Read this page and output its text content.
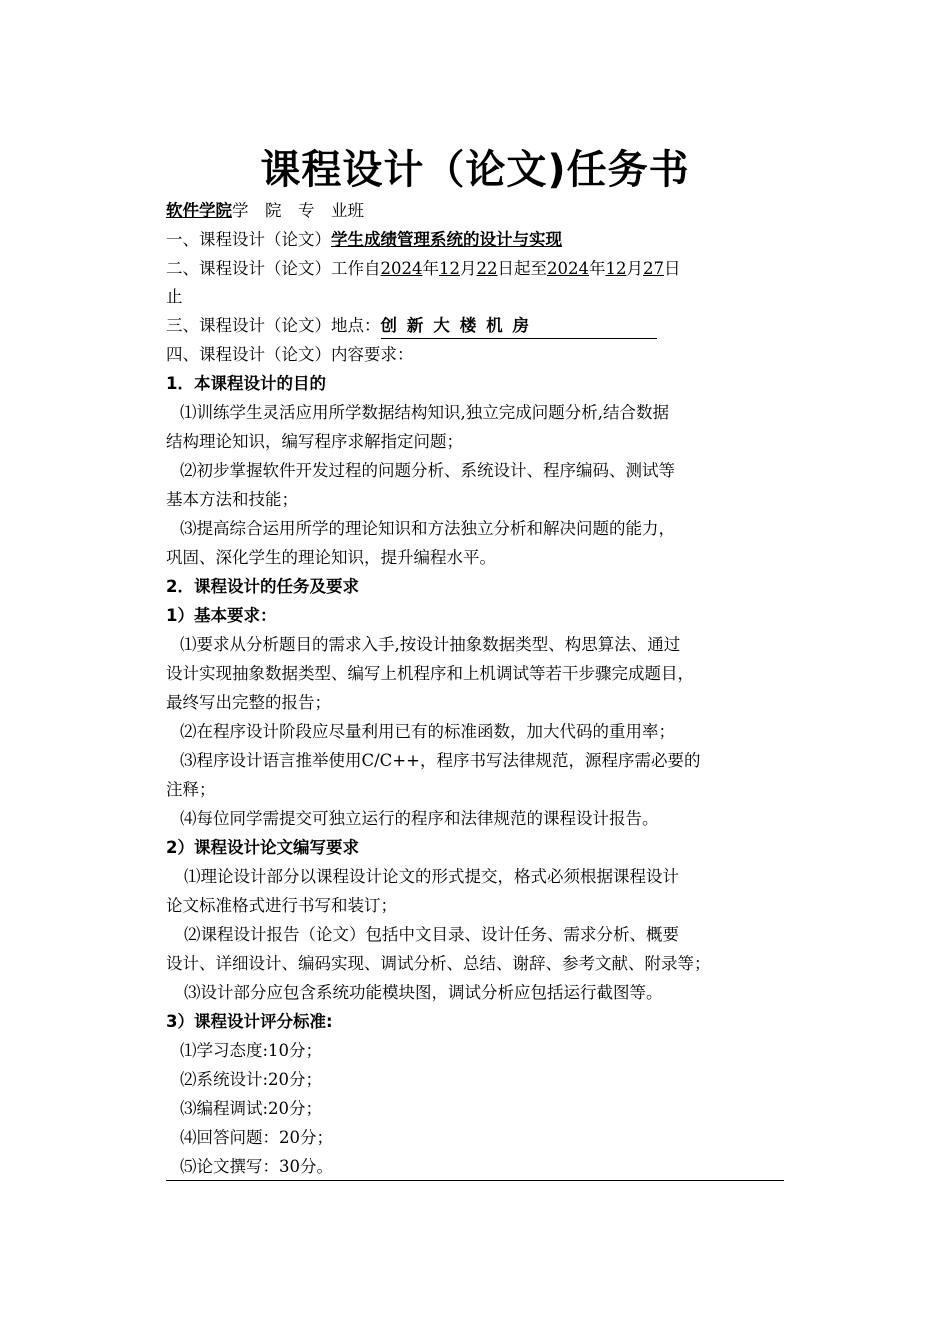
课程设计（论文)任务书
软件学院学　院　 专　业班
一、课程设计（论文）学生成绩管理系统的设计与实现
二、课程设计（论文）工作自2024年12月22日起至2024年12月27日
止
三、课程设计（论文）地点：创新大楼机房
四、课程设计（论文）内容要求：
1．本课程设计的目的
⑴训练学生灵活应用所学数据结构知识,独立完成问题分析,结合数据
结构理论知识，编写程序求解指定问题；
⑵初步掌握软件开发过程的问题分析、系统设计、程序编码、测试等
基本方法和技能；
⑶提高综合运用所学的理论知识和方法独立分析和解决问题的能力，
巩固、深化学生的理论知识，提升编程水平。
2．课程设计的任务及要求
1）基本要求：
⑴要求从分析题目的需求入手,按设计抽象数据类型、构思算法、通过
设计实现抽象数据类型、编写上机程序和上机调试等若干步骤完成题目，
最终写出完整的报告；
⑵在程序设计阶段应尽量利用已有的标准函数，加大代码的重用率；
⑶程序设计语言推举使用C/C++，程序书写法律规范，源程序需必要的
注释；
⑷每位同学需提交可独立运行的程序和法律规范的课程设计报告。
2）课程设计论文编写要求
⑴理论设计部分以课程设计论文的形式提交，格式必须根据课程设计
论文标准格式进行书写和装订；
⑵课程设计报告（论文）包括中文目录、设计任务、需求分析、概要
设计、详细设计、编码实现、调试分析、总结、谢辞、参考文献、附录等；
⑶设计部分应包含系统功能模块图，调试分析应包括运行截图等。
3）课程设计评分标准:
⑴学习态度:10分；
⑵系统设计:20分；
⑶编程调试:20分；
⑷回答问题：20分；
⑸论文撰写：30分。
